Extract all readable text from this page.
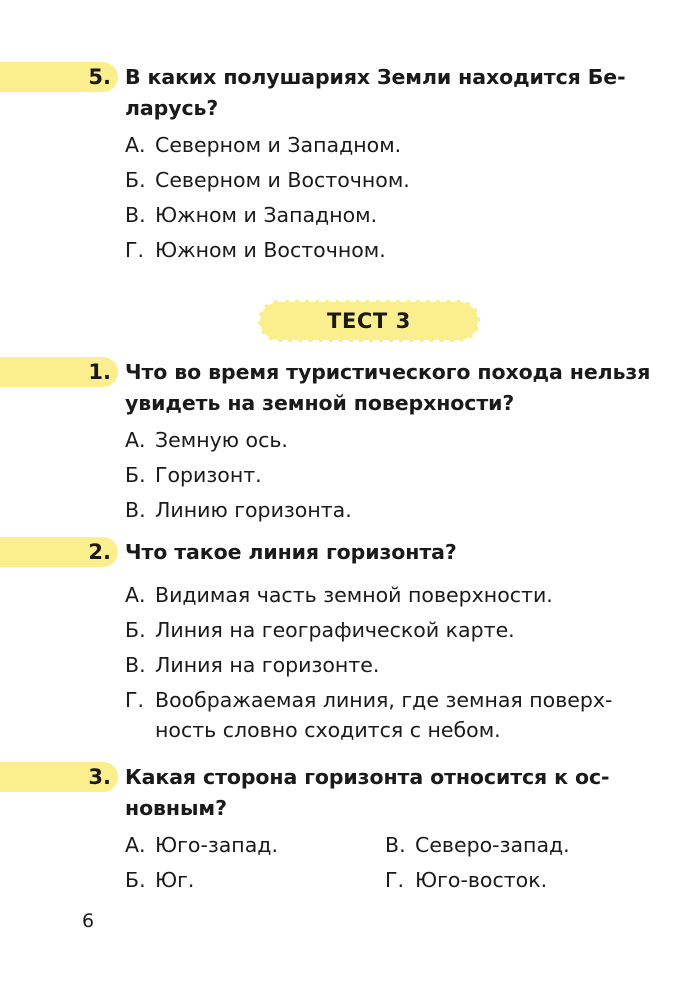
5. В каких полушариях Земли находится Бе-
ларусь?
А. Северном и Западном.
Б. Северном и Восточном.
В. Южном и Западном.
Г. Южном и Восточном.
ТЕСТ 3
1. Что во время туристического похода нельзя
увидеть на земной поверхности?
А. Земную ось.
Б. Горизонт.
В. Линию горизонта.
2. Что такое линия горизонта?
А. Видимая часть земной поверхности.
Б. Линия на географической карте.
В. Линия на горизонте.
Г. Воображаемая линия, где земная поверх-
ность словно сходится с небом.
3. Какая сторона горизонта относится к ос-
новным?
А. Юго-запад.
Б. Юг.
В. Северо-запад.
Г. Юго-восток.
6
